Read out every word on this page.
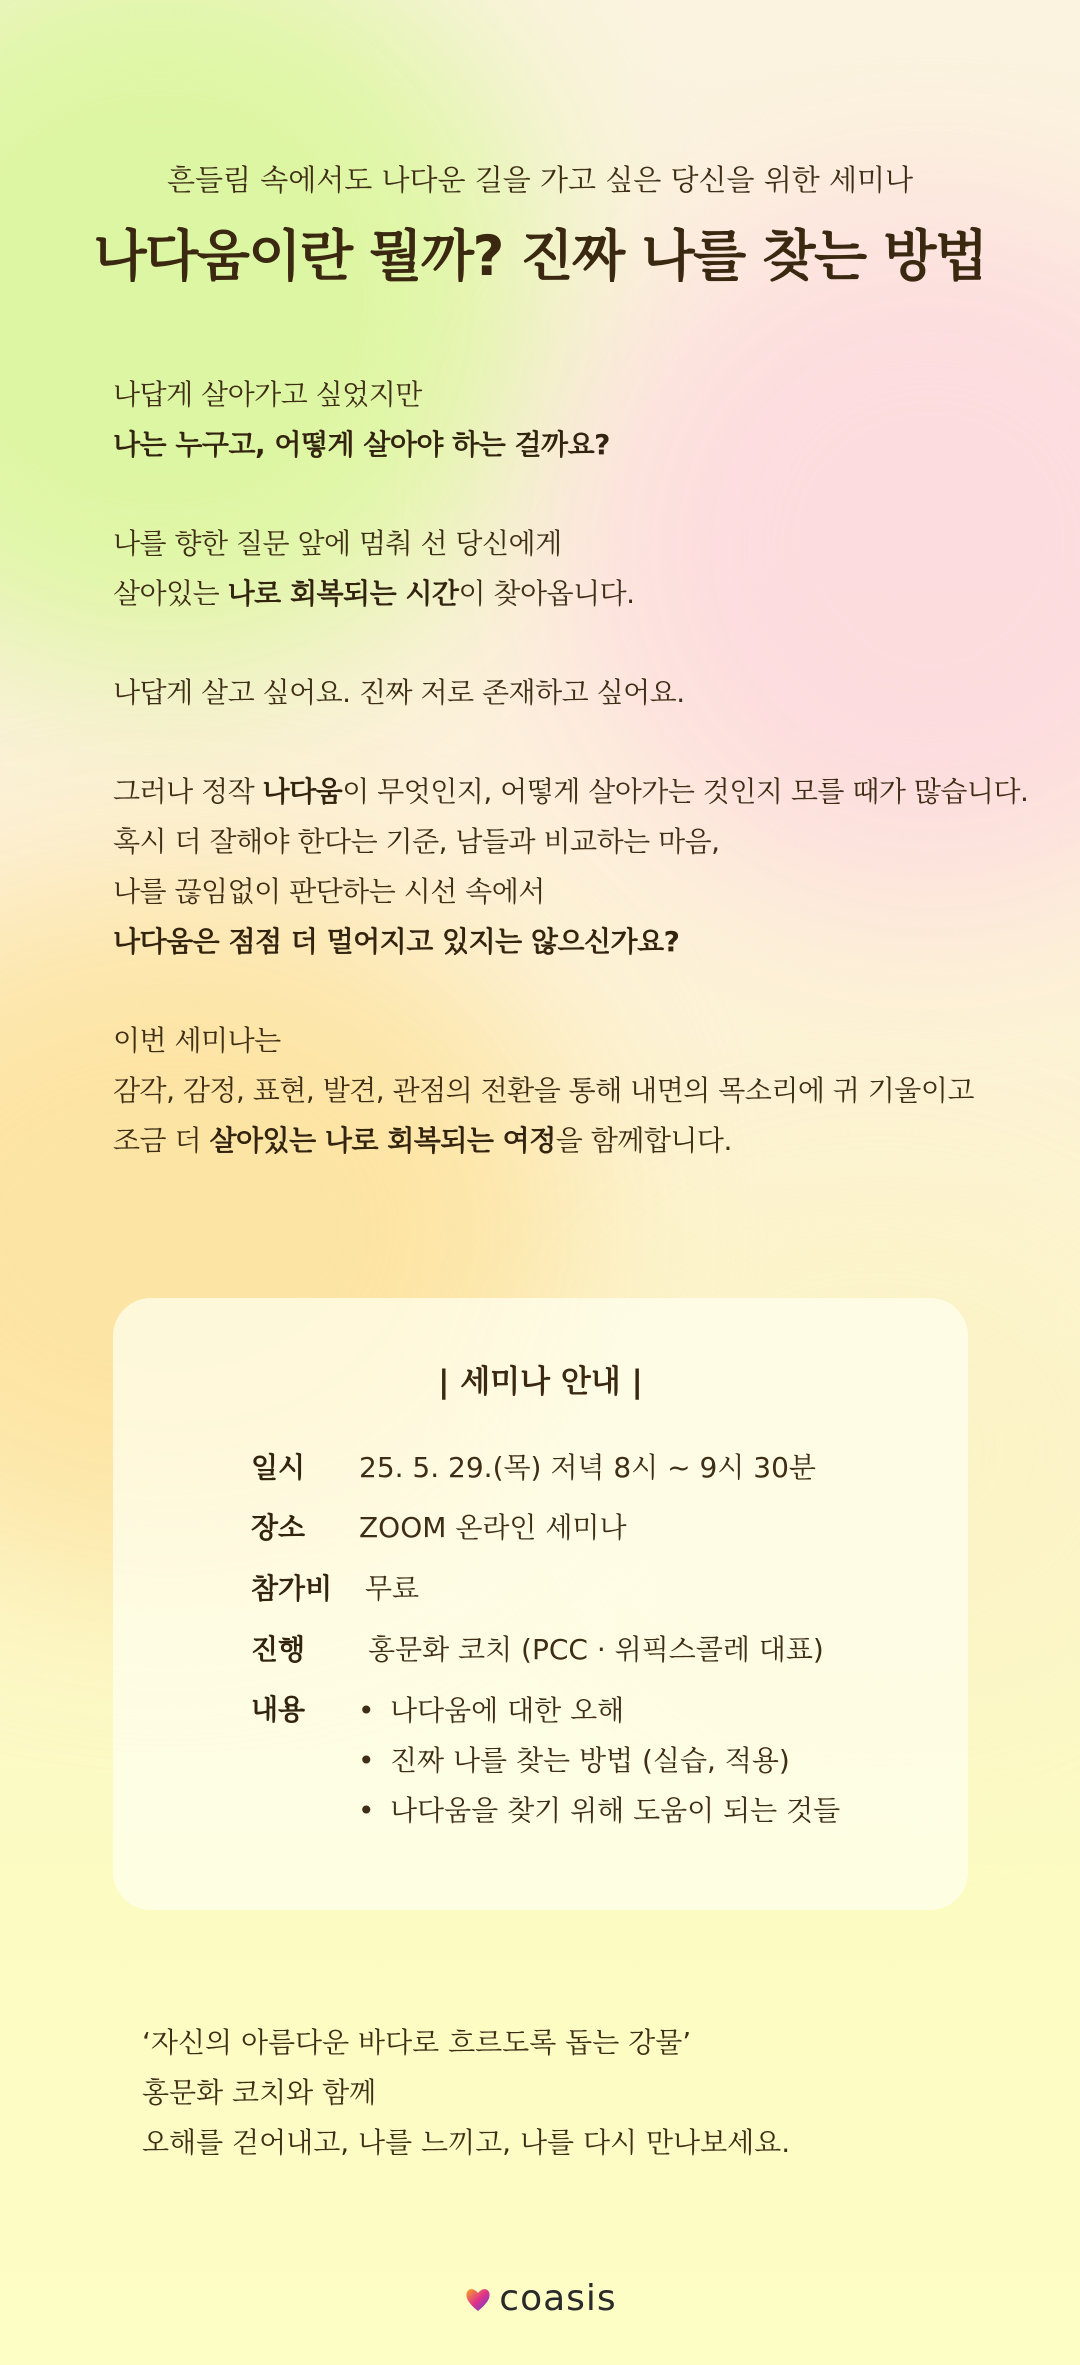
흔들림 속에서도 나다운 길을 가고 싶은 당신을 위한 세미나
나다움이란 뭘까? 진짜 나를 찾는 방법

나답게 살아가고 싶었지만
나는 누구고, 어떻게 살아야 하는 걸까요?

나를 향한 질문 앞에 멈춰 선 당신에게
살아있는 나로 회복되는 시간이 찾아옵니다.

나답게 살고 싶어요. 진짜 저로 존재하고 싶어요.

그러나 정작 나다움이 무엇인지, 어떻게 살아가는 것인지 모를 때가 많습니다.
혹시 더 잘해야 한다는 기준, 남들과 비교하는 마음,
나를 끊임없이 판단하는 시선 속에서
나다움은 점점 더 멀어지고 있지는 않으신가요?

이번 세미나는
감각, 감정, 표현, 발견, 관점의 전환을 통해 내면의 목소리에 귀 기울이고
조금 더 살아있는 나로 회복되는 여정을 함께합니다.

| 세미나 안내 |
일시 25. 5. 29.(목) 저녁 8시 ~ 9시 30분
장소 ZOOM 온라인 세미나
참가비 무료
진행 홍문화 코치 (PCC · 위픽스콜레 대표)
내용	• 나다움에 대한 오해
• 진짜 나를 찾는 방법 (실습, 적용)
• 나다움을 찾기 위해 도움이 되는 것들
‘자신의 아름다운 바다로 흐르도록 돕는 강물’
홍문화 코치와 함께
오해를 걷어내고, 나를 느끼고, 나를 다시 만나보세요.
coasis
